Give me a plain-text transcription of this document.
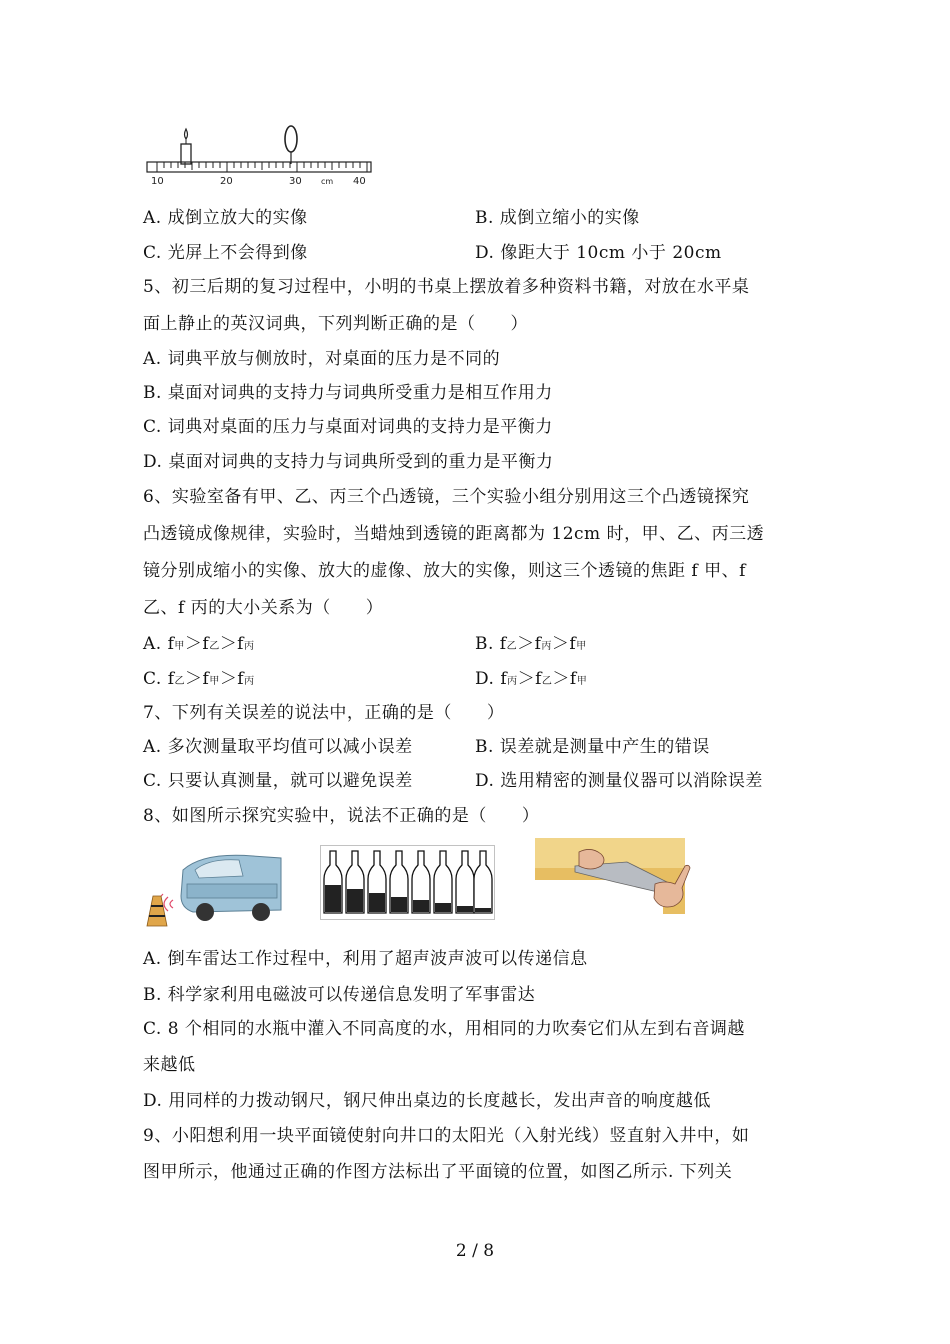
10	20	30 cm 40
A. 成倒立放大的实像	B. 成倒立缩小的实像
C. 光屏上不会得到像	D. 像距大于 10cm 小于 20cm
5、初三后期的复习过程中，小明的书桌上摆放着多种资料书籍，对放在水平桌
面上静止的英汉词典，下列判断正确的是（　　）
A. 词典平放与侧放时，对桌面的压力是不同的
B. 桌面对词典的支持力与词典所受重力是相互作用力
C. 词典对桌面的压力与桌面对词典的支持力是平衡力
D. 桌面对词典的支持力与词典所受到的重力是平衡力
6、实验室备有甲、乙、丙三个凸透镜，三个实验小组分别用这三个凸透镜探究
凸透镜成像规律，实验时，当蜡烛到透镜的距离都为 12cm 时，甲、乙、丙三透
镜分别成缩小的实像、放大的虚像、放大的实像，则这三个透镜的焦距 f 甲、f
乙、f 丙的大小关系为（　　）
A. f甲＞f乙＞f丙	B. f乙＞f丙＞f甲
C. f乙＞f甲＞f丙	D. f丙＞f乙＞f甲
7、下列有关误差的说法中，正确的是（　　）
A. 多次测量取平均值可以减小误差	B. 误差就是测量中产生的错误
C. 只要认真测量，就可以避免误差	D. 选用精密的测量仪器可以消除误差
8、如图所示探究实验中，说法不正确的是（　　）
A. 倒车雷达工作过程中，利用了超声波声波可以传递信息
B. 科学家利用电磁波可以传递信息发明了军事雷达
C. 8 个相同的水瓶中灌入不同高度的水，用相同的力吹奏它们从左到右音调越
来越低
D. 用同样的力拨动钢尺，钢尺伸出桌边的长度越长，发出声音的响度越低
9、小阳想利用一块平面镜使射向井口的太阳光（入射光线）竖直射入井中，如
图甲所示，他通过正确的作图方法标出了平面镜的位置，如图乙所示. 下列关
2 / 8
